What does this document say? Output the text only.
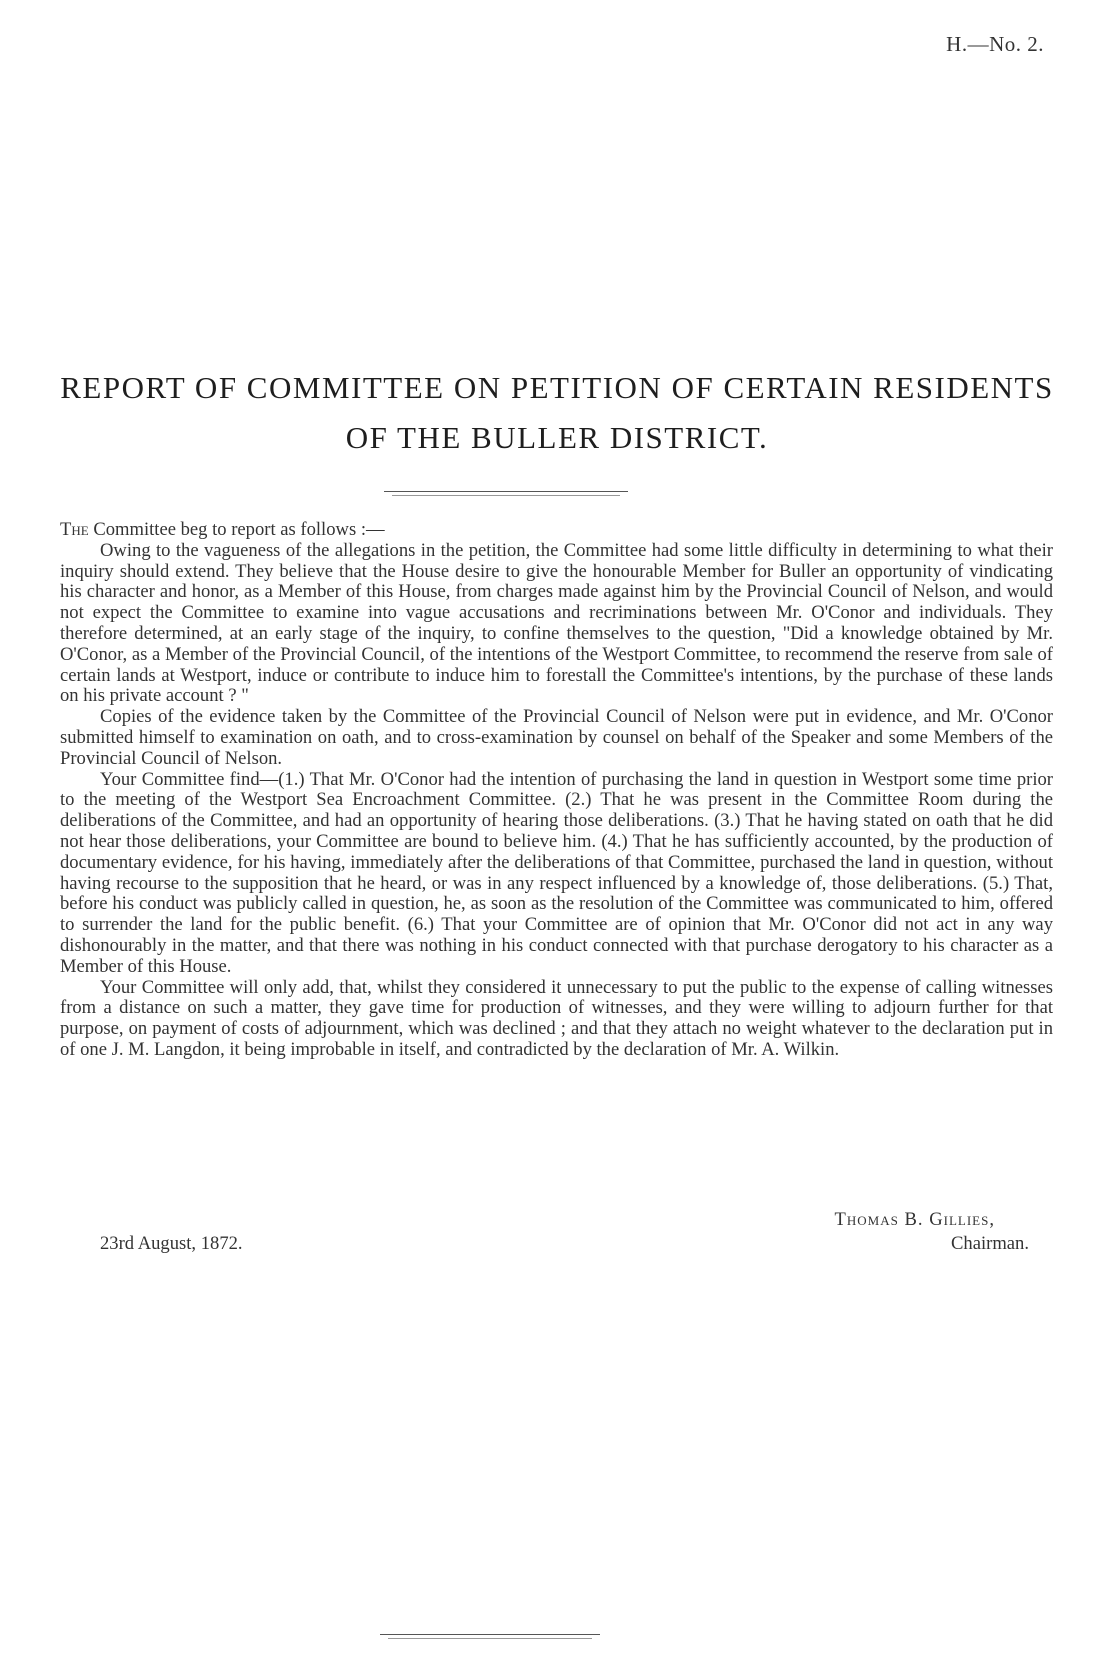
H.—No. 2.
REPORT OF COMMITTEE ON PETITION OF CERTAIN RESIDENTS
OF THE BULLER DISTRICT.

The Committee beg to report as follows :—

Owing to the vagueness of the allegations in the petition, the Committee had some little difficulty in determining to what their inquiry should extend. They believe that the House desire to give the honourable Member for Buller an opportunity of vindicating his character and honor, as a Member of this House, from charges made against him by the Provincial Council of Nelson, and would not expect the Committee to examine into vague accusations and recriminations between Mr. O'Conor and individuals. They therefore determined, at an early stage of the inquiry, to confine themselves to the question, "Did a knowledge obtained by Mr. O'Conor, as a Member of the Provincial Council, of the intentions of the Westport Committee, to recommend the reserve from sale of certain lands at Westport, induce or contribute to induce him to forestall the Committee's intentions, by the purchase of these lands on his private account ? "

Copies of the evidence taken by the Committee of the Provincial Council of Nelson were put in evidence, and Mr. O'Conor submitted himself to examination on oath, and to cross-examination by counsel on behalf of the Speaker and some Members of the Provincial Council of Nelson.

Your Committee find—(1.) That Mr. O'Conor had the intention of purchasing the land in question in Westport some time prior to the meeting of the Westport Sea Encroachment Committee. (2.) That he was present in the Committee Room during the deliberations of the Committee, and had an opportunity of hearing those deliberations. (3.) That he having stated on oath that he did not hear those deliberations, your Committee are bound to believe him. (4.) That he has sufficiently accounted, by the production of documentary evidence, for his having, immediately after the deliberations of that Committee, purchased the land in question, without having recourse to the supposition that he heard, or was in any respect influenced by a knowledge of, those deliberations. (5.) That, before his conduct was publicly called in question, he, as soon as the resolution of the Committee was communicated to him, offered to surrender the land for the public benefit. (6.) That your Committee are of opinion that Mr. O'Conor did not act in any way dishonourably in the matter, and that there was nothing in his conduct connected with that purchase derogatory to his character as a Member of this House.

Your Committee will only add, that, whilst they considered it unnecessary to put the public to the expense of calling witnesses from a distance on such a matter, they gave time for production of witnesses, and they were willing to adjourn further for that purpose, on payment of costs of adjournment, which was declined ; and that they attach no weight whatever to the declaration put in of one J. M. Langdon, it being improbable in itself, and contradicted by the declaration of Mr. A. Wilkin.

Thomas B. Gillies,
Chairman.
23rd August, 1872.
